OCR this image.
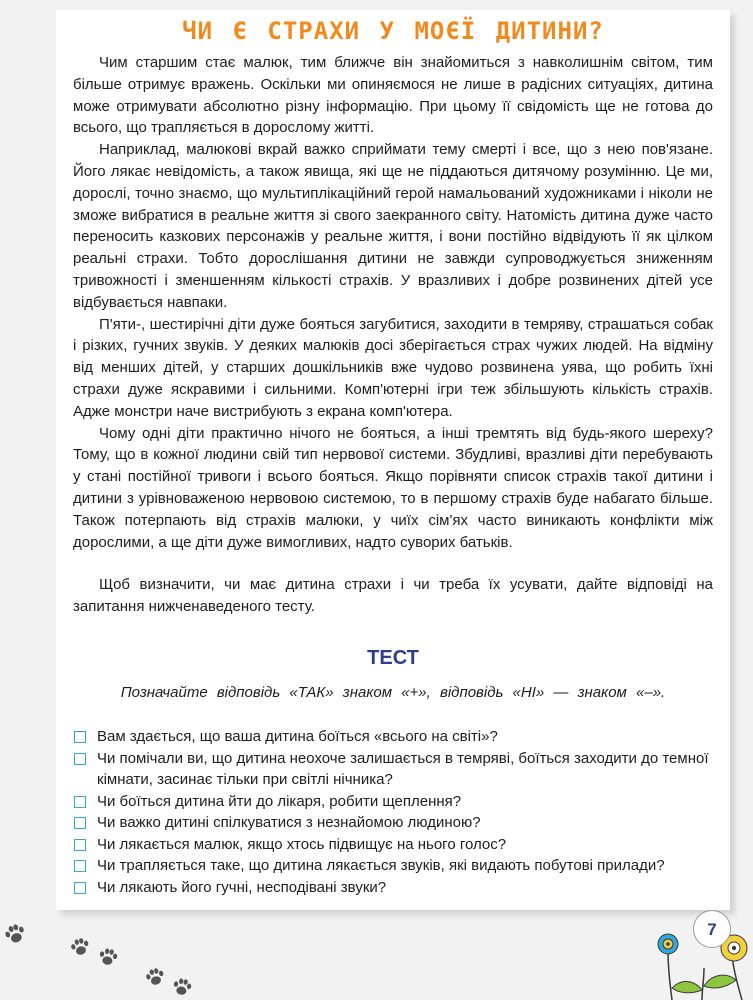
ЧИ Є СТРАХИ У МОЄЇ ДИТИНИ?

Чим старшим стає малюк, тим ближче він знайомиться з навколишнім світом, тим більше отримує вражень. Оскільки ми опиняємося не лише в радісних ситуаціях, дитина може отримувати абсолютно різну інформацію. При цьому її свідомість ще не готова до всього, що трапляється в дорослому житті.

Наприклад, малюкові вкрай важко сприймати тему смерті і все, що з нею пов'язане. Його лякає невідомість, а також явища, які ще не піддаються дитячому розумінню. Це ми, дорослі, точно знаємо, що мультиплікаційний герой намальований художниками і ніколи не зможе вибратися в реальне життя зі свого заекранного світу. Натомість дитина дуже часто переносить казкових персонажів у реальне життя, і вони постійно відвідують її як цілком реальні страхи. Тобто дорослішання дитини не завжди супроводжується зниженням тривожності і зменшенням кількості страхів. У вразливих і добре розвинених дітей усе відбувається навпаки.

П'яти-, шестирічні діти дуже бояться загубитися, заходити в темряву, страшаться собак і різких, гучних звуків. У деяких малюків досі зберігається страх чужих людей. На відміну від менших дітей, у старших дошкільників вже чудово розвинена уява, що робить їхні страхи дуже яскравими і сильними. Комп'ютерні ігри теж збільшують кількість страхів. Адже монстри наче вистрибують з екрана комп'ютера.

Чому одні діти практично нічого не бояться, а інші тремтять від будь-якого шереху? Тому, що в кожної людини свій тип нервової системи. Збудливі, вразливі діти перебувають у стані постійної тривоги і всього бояться. Якщо порівняти список страхів такої дитини і дитини з урівноваженою нервовою системою, то в першому страхів буде набагато більше. Також потерпають від страхів малюки, у чиїх сім'ях часто виникають конфлікти між дорослими, а ще діти дуже вимогливих, надто суворих батьків.

Щоб визначити, чи має дитина страхи і чи треба їх усувати, дайте відповіді на запитання нижченаведеного тесту.

ТЕСТ

Позначайте відповідь «ТАК» знаком «+», відповідь «НІ» — знаком «–».

Вам здається, що ваша дитина боїться «всього на світі»?
Чи помічали ви, що дитина неохоче залишається в темряві, боїться заходити до темної кімнати, засинає тільки при світлі нічника?
Чи боїться дитина йти до лікаря, робити щеплення?
Чи важко дитині спілкуватися з незнайомою людиною?
Чи лякається малюк, якщо хтось підвищує на нього голос?
Чи трапляється таке, що дитина лякається звуків, які видають побутові прилади?
Чи лякають його гучні, несподівані звуки?
7
